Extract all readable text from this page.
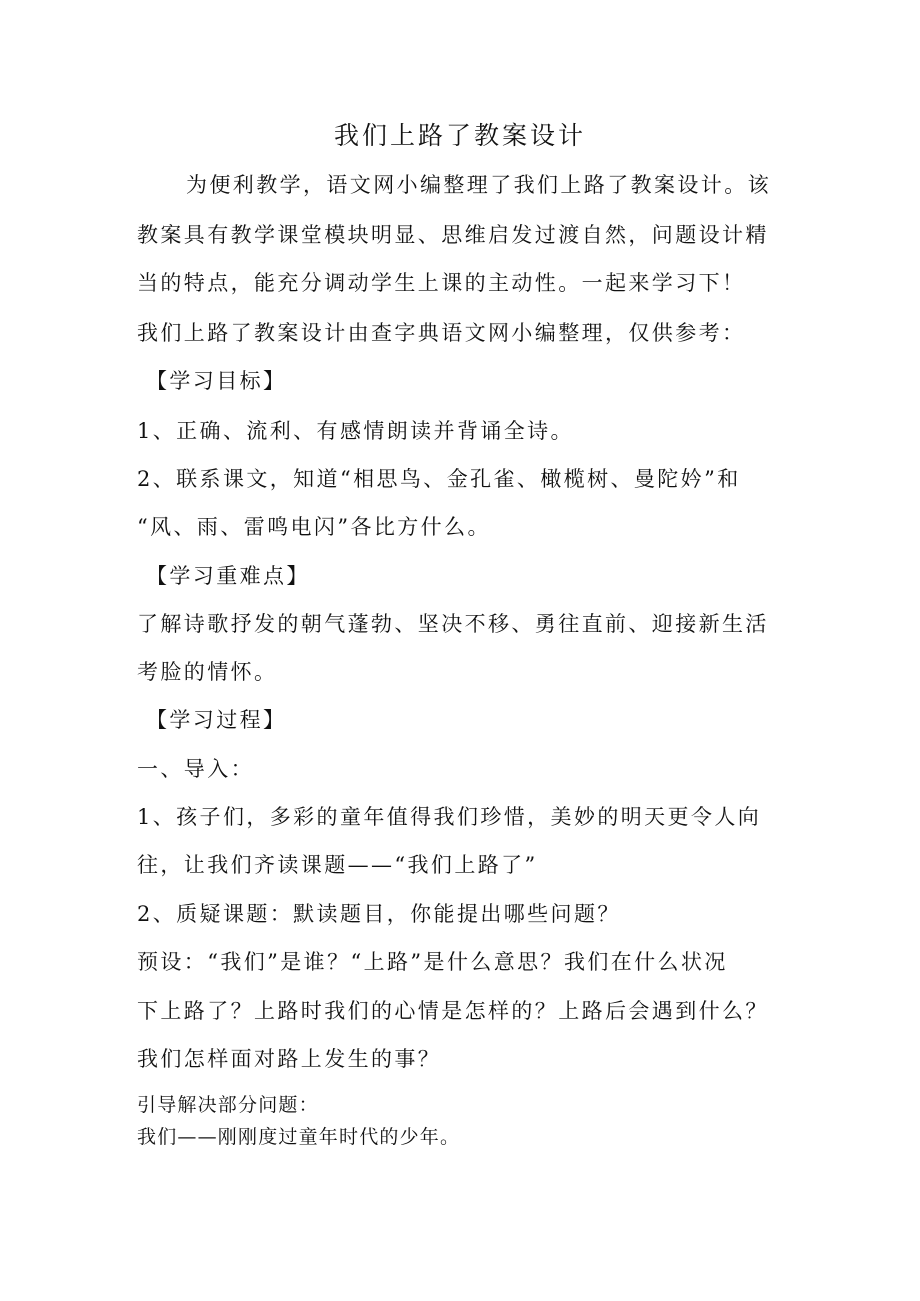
我们上路了教案设计
为便利教学，语文网小编整理了我们上路了教案设计。该
教案具有教学课堂模块明显、思维启发过渡自然，问题设计精
当的特点，能充分调动学生上课的主动性。一起来学习下！
我们上路了教案设计由查字典语文网小编整理，仅供参考：
【学习目标】
1、正确、流利、有感情朗读并背诵全诗。
2、联系课文，知道“相思鸟、金孔雀、橄榄树、曼陀妗”和
“风、雨、雷鸣电闪”各比方什么。
【学习重难点】
了解诗歌抒发的朝气蓬勃、坚决不移、勇往直前、迎接新生活
考脸的情怀。
【学习过程】
一、导入：
1、孩子们，多彩的童年值得我们珍惜，美妙的明天更令人向
往，让我们齐读课题——“我们上路了”
2、质疑课题：默读题目，你能提出哪些问题？
预设：“我们”是谁？“上路”是什么意思？我们在什么状况
下上路了？上路时我们的心情是怎样的？上路后会遇到什么？
我们怎样面对路上发生的事？
引导解决部分问题：
我们——刚刚度过童年时代的少年。
